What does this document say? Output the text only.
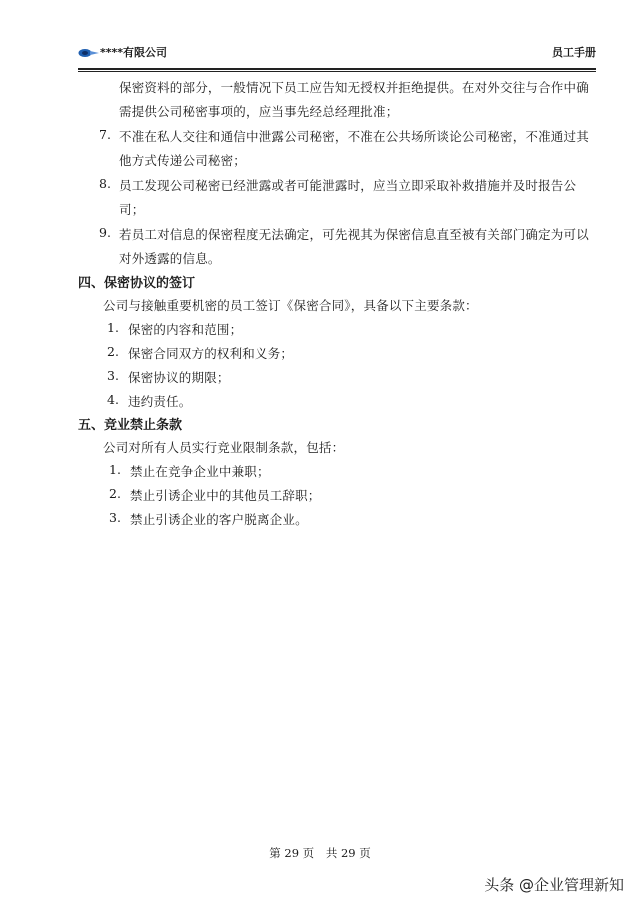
****有限公司	员工手册
保密资料的部分，一般情况下员工应告知无授权并拒绝提供。在对外交往与合作中确
需提供公司秘密事项的，应当事先经总经理批准；
7. 不准在私人交往和通信中泄露公司秘密，不准在公共场所谈论公司秘密，不准通过其
他方式传递公司秘密；
8. 员工发现公司秘密已经泄露或者可能泄露时，应当立即采取补救措施并及时报告公
司；
9. 若员工对信息的保密程度无法确定，可先视其为保密信息直至被有关部门确定为可以
对外透露的信息。
四、保密协议的签订
公司与接触重要机密的员工签订《保密合同》，具备以下主要条款：
1. 保密的内容和范围；
2. 保密合同双方的权利和义务；
3. 保密协议的期限；
4. 违约责任。
五、竞业禁止条款
公司对所有人员实行竞业限制条款，包括：
1. 禁止在竞争企业中兼职；
2. 禁止引诱企业中的其他员工辞职；
3. 禁止引诱企业的客户脱离企业。
第 29 页 共 29 页
头条 @企业管理新知
